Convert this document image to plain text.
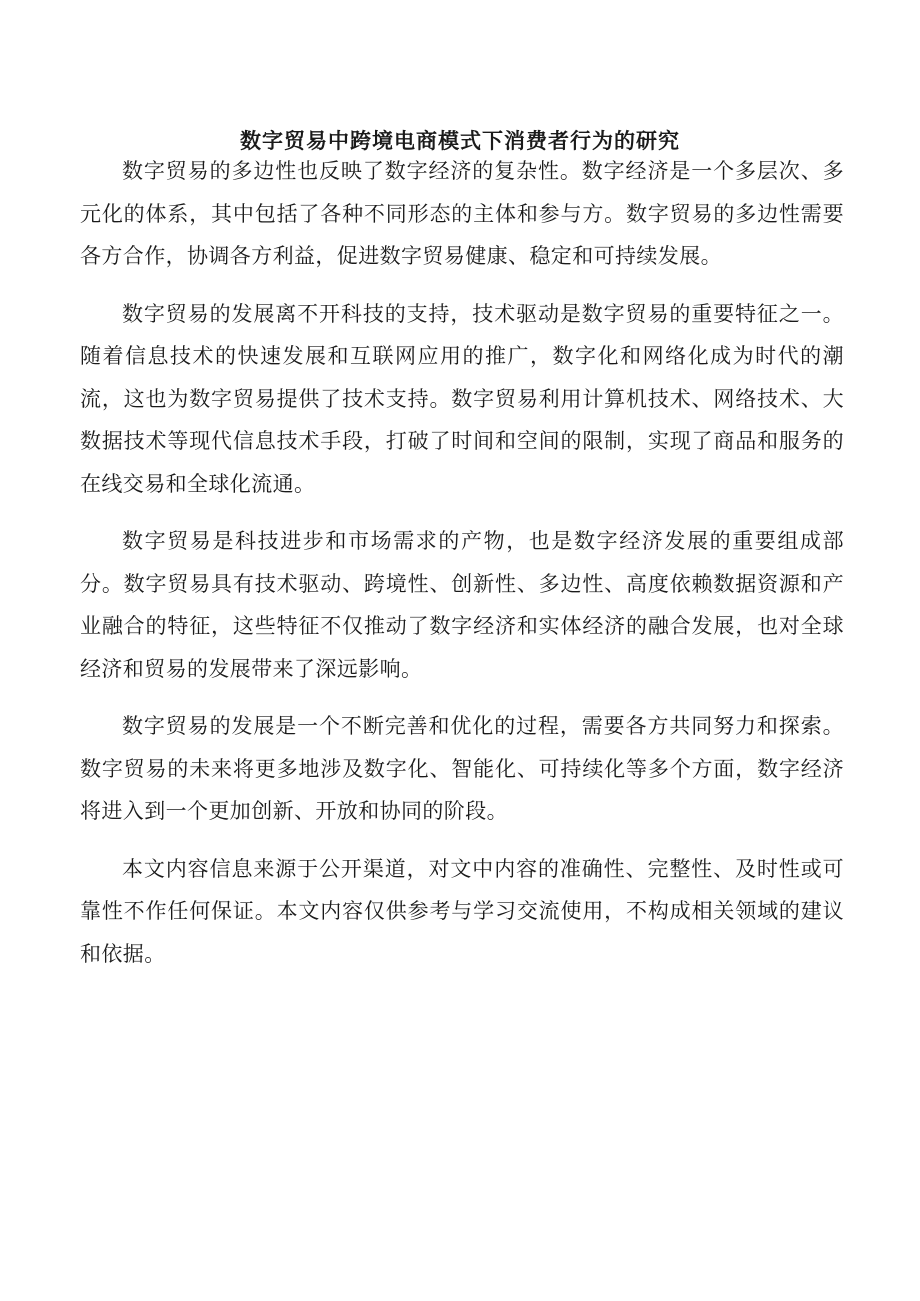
数字贸易中跨境电商模式下消费者行为的研究

数字贸易的多边性也反映了数字经济的复杂性。数字经济是一个多层次、多元化的体系，其中包括了各种不同形态的主体和参与方。数字贸易的多边性需要各方合作，协调各方利益，促进数字贸易健康、稳定和可持续发展。

数字贸易的发展离不开科技的支持，技术驱动是数字贸易的重要特征之一。随着信息技术的快速发展和互联网应用的推广，数字化和网络化成为时代的潮流，这也为数字贸易提供了技术支持。数字贸易利用计算机技术、网络技术、大数据技术等现代信息技术手段，打破了时间和空间的限制，实现了商品和服务的在线交易和全球化流通。

数字贸易是科技进步和市场需求的产物，也是数字经济发展的重要组成部分。数字贸易具有技术驱动、跨境性、创新性、多边性、高度依赖数据资源和产业融合的特征，这些特征不仅推动了数字经济和实体经济的融合发展，也对全球经济和贸易的发展带来了深远影响。

数字贸易的发展是一个不断完善和优化的过程，需要各方共同努力和探索。数字贸易的未来将更多地涉及数字化、智能化、可持续化等多个方面，数字经济将进入到一个更加创新、开放和协同的阶段。

本文内容信息来源于公开渠道，对文中内容的准确性、完整性、及时性或可靠性不作任何保证。本文内容仅供参考与学习交流使用，不构成相关领域的建议和依据。
